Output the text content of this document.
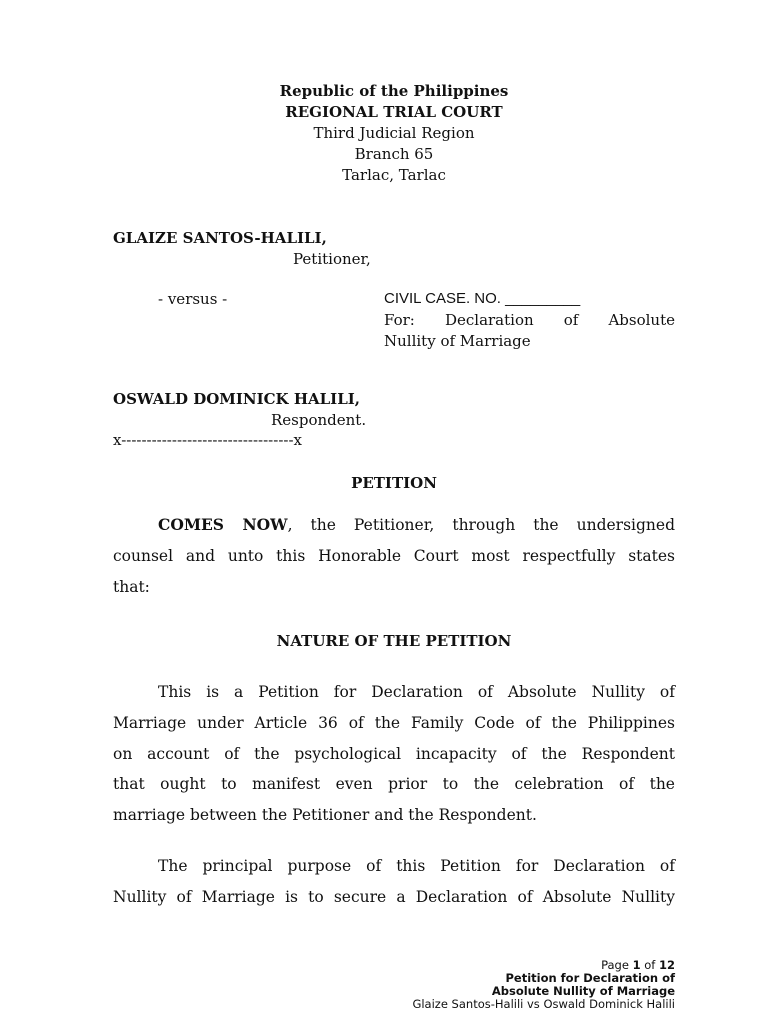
Republic of the Philippines

REGIONAL TRIAL COURT

Third Judicial Region

Branch 65

Tarlac, Tarlac

GLAIZE SANTOS-HALILI,

Petitioner,

- versus -	CIVIL CASE. NO. _________

For: Declaration of Absolute
Nullity of Marriage

OSWALD DOMINICK HALILI,

Respondent.

x----------------------------------x

PETITION

COMES NOW, the Petitioner, through the undersigned
counsel and unto this Honorable Court most respectfully states
that:

NATURE OF THE PETITION

This is a Petition for Declaration of Absolute Nullity of
Marriage under Article 36 of the Family Code of the Philippines
on account of the psychological incapacity of the Respondent
that ought to manifest even prior to the celebration of the
marriage between the Petitioner and the Respondent.
The principal purpose of this Petition for Declaration of
Nullity of Marriage is to secure a Declaration of Absolute Nullity

Page 1 of 12

Petition for Declaration of

Absolute Nullity of Marriage

Glaize Santos-Halili vs Oswald Dominick Halili
